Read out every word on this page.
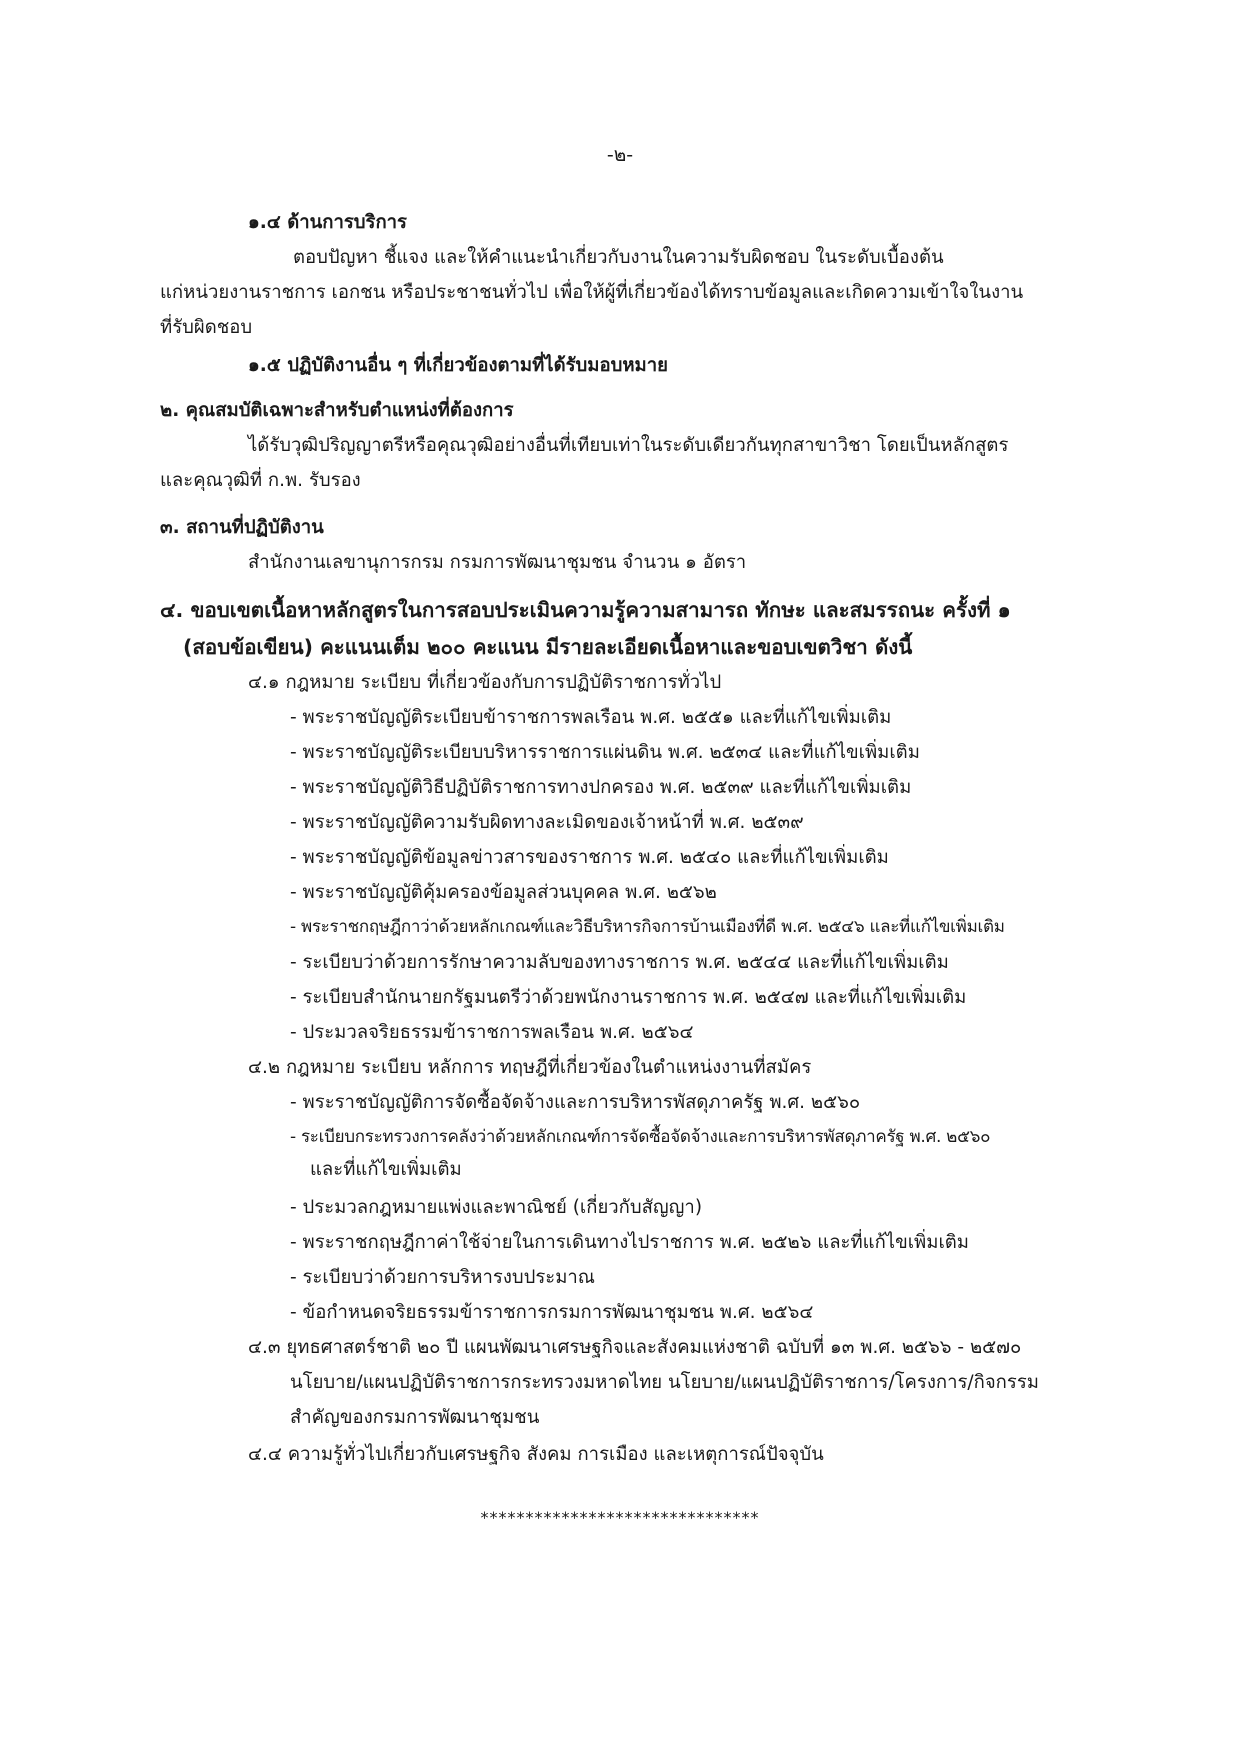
-๒-
๑.๔ ด้านการบริการ
ตอบปัญหา ชี้แจง และให้คำแนะนำเกี่ยวกับงานในความรับผิดชอบ ในระดับเบื้องต้น
แก่หน่วยงานราชการ เอกชน หรือประชาชนทั่วไป เพื่อให้ผู้ที่เกี่ยวข้องได้ทราบข้อมูลและเกิดความเข้าใจในงาน
ที่รับผิดชอบ
๑.๕ ปฏิบัติงานอื่น ๆ ที่เกี่ยวข้องตามที่ได้รับมอบหมาย
๒. คุณสมบัติเฉพาะสำหรับตำแหน่งที่ต้องการ
ได้รับวุฒิปริญญาตรีหรือคุณวุฒิอย่างอื่นที่เทียบเท่าในระดับเดียวกันทุกสาขาวิชา โดยเป็นหลักสูตร
และคุณวุฒิที่ ก.พ. รับรอง
๓. สถานที่ปฏิบัติงาน
สำนักงานเลขานุการกรม กรมการพัฒนาชุมชน จำนวน ๑ อัตรา
๔. ขอบเขตเนื้อหาหลักสูตรในการสอบประเมินความรู้ความสามารถ ทักษะ และสมรรถนะ ครั้งที่ ๑
(สอบข้อเขียน) คะแนนเต็ม ๒๐๐ คะแนน มีรายละเอียดเนื้อหาและขอบเขตวิชา ดังนี้
๔.๑ กฎหมาย ระเบียบ ที่เกี่ยวข้องกับการปฏิบัติราชการทั่วไป
- พระราชบัญญัติระเบียบข้าราชการพลเรือน พ.ศ. ๒๕๕๑ และที่แก้ไขเพิ่มเติม
- พระราชบัญญัติระเบียบบริหารราชการแผ่นดิน พ.ศ. ๒๕๓๔ และที่แก้ไขเพิ่มเติม
- พระราชบัญญัติวิธีปฏิบัติราชการทางปกครอง พ.ศ. ๒๕๓๙ และที่แก้ไขเพิ่มเติม
- พระราชบัญญัติความรับผิดทางละเมิดของเจ้าหน้าที่ พ.ศ. ๒๕๓๙
- พระราชบัญญัติข้อมูลข่าวสารของราชการ พ.ศ. ๒๕๔๐ และที่แก้ไขเพิ่มเติม
- พระราชบัญญัติคุ้มครองข้อมูลส่วนบุคคล พ.ศ. ๒๕๖๒
- พระราชกฤษฎีกาว่าด้วยหลักเกณฑ์และวิธีบริหารกิจการบ้านเมืองที่ดี พ.ศ. ๒๕๔๖ และที่แก้ไขเพิ่มเติม
- ระเบียบว่าด้วยการรักษาความลับของทางราชการ พ.ศ. ๒๕๔๔ และที่แก้ไขเพิ่มเติม
- ระเบียบสำนักนายกรัฐมนตรีว่าด้วยพนักงานราชการ พ.ศ. ๒๕๔๗ และที่แก้ไขเพิ่มเติม
- ประมวลจริยธรรมข้าราชการพลเรือน พ.ศ. ๒๕๖๔
๔.๒ กฎหมาย ระเบียบ หลักการ ทฤษฎีที่เกี่ยวข้องในตำแหน่งงานที่สมัคร
- พระราชบัญญัติการจัดซื้อจัดจ้างและการบริหารพัสดุภาครัฐ พ.ศ. ๒๕๖๐
- ระเบียบกระทรวงการคลังว่าด้วยหลักเกณฑ์การจัดซื้อจัดจ้างและการบริหารพัสดุภาครัฐ พ.ศ. ๒๕๖๐
และที่แก้ไขเพิ่มเติม
- ประมวลกฎหมายแพ่งและพาณิชย์ (เกี่ยวกับสัญญา)
- พระราชกฤษฎีกาค่าใช้จ่ายในการเดินทางไปราชการ พ.ศ. ๒๕๒๖ และที่แก้ไขเพิ่มเติม
- ระเบียบว่าด้วยการบริหารงบประมาณ
- ข้อกำหนดจริยธรรมข้าราชการกรมการพัฒนาชุมชน พ.ศ. ๒๕๖๔
๔.๓ ยุทธศาสตร์ชาติ ๒๐ ปี แผนพัฒนาเศรษฐกิจและสังคมแห่งชาติ ฉบับที่ ๑๓ พ.ศ. ๒๕๖๖ - ๒๕๗๐
นโยบาย/แผนปฏิบัติราชการกระทรวงมหาดไทย นโยบาย/แผนปฏิบัติราชการ/โครงการ/กิจกรรม
สำคัญของกรมการพัฒนาชุมชน
๔.๔ ความรู้ทั่วไปเกี่ยวกับเศรษฐกิจ สังคม การเมือง และเหตุการณ์ปัจจุบัน
*******************************
